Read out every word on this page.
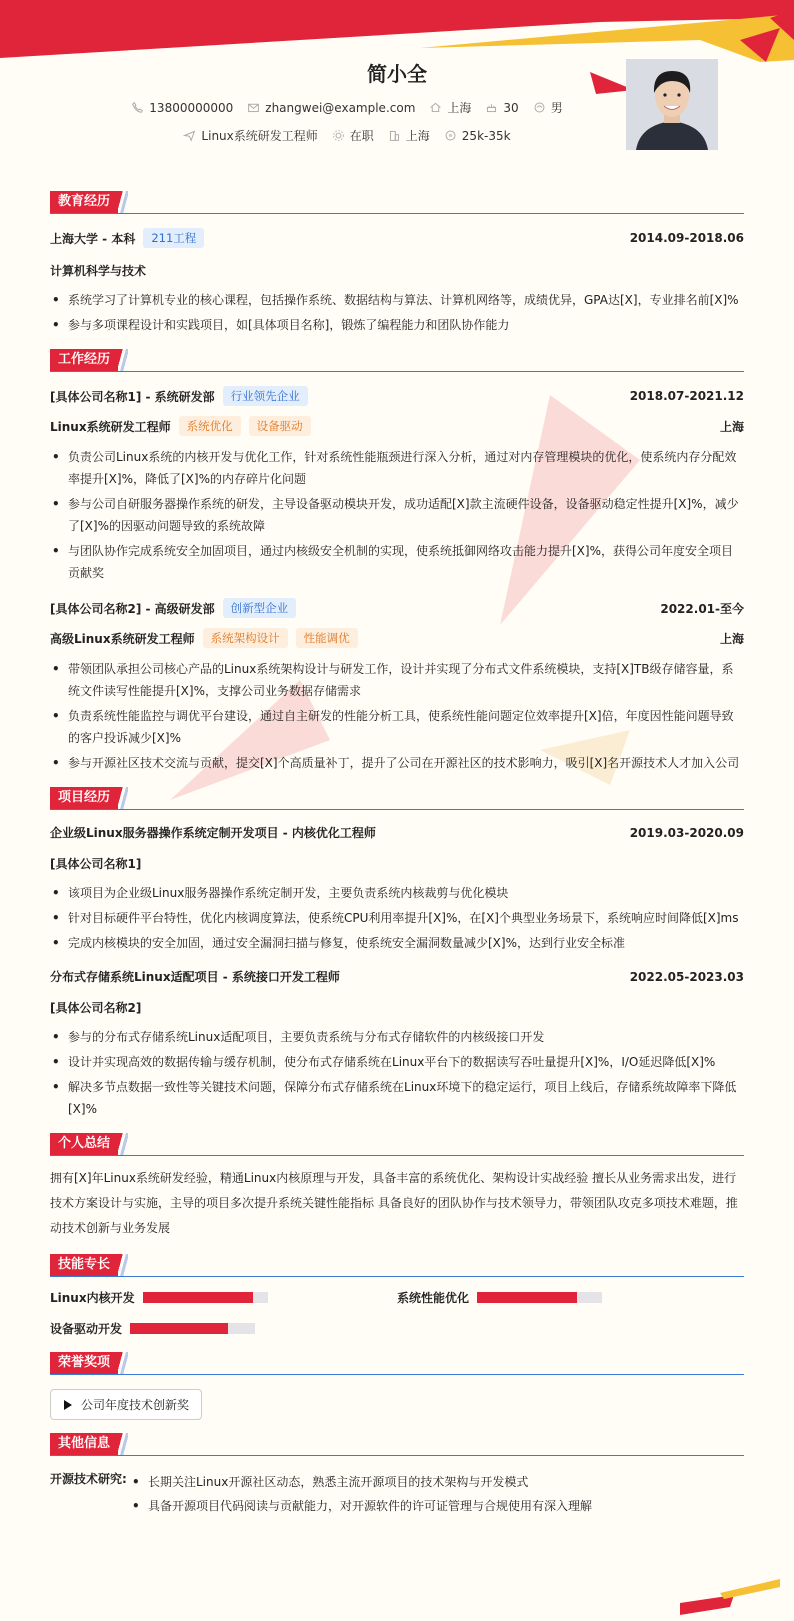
简小全
13800000000	zhangwei@example.com	上海	30	男
Linux系统研发工程师	在职	上海	25k-35k
教育经历
上海大学 - 本科	211工程	2014.09-2018.06
计算机科学与技术
• 系统学习了计算机专业的核心课程，包括操作系统、数据结构与算法、计算机网络等，成绩优异，GPA达[X]，专业排名前[X]%
• 参与多项课程设计和实践项目，如[具体项目名称]，锻炼了编程能力和团队协作能力
工作经历
[具体公司名称1] - 系统研发部	行业领先企业	2018.07-2021.12
Linux系统研发工程师	系统优化	设备驱动	上海
• 负责公司Linux系统的内核开发与优化工作，针对系统性能瓶颈进行深入分析，通过对内存管理模块的优化，使系统内存分配效率提升[X]%，降低了[X]%的内存碎片化问题
• 参与公司自研服务器操作系统的研发，主导设备驱动模块开发，成功适配[X]款主流硬件设备，设备驱动稳定性提升[X]%，减少了[X]%的因驱动问题导致的系统故障
• 与团队协作完成系统安全加固项目，通过内核级安全机制的实现，使系统抵御网络攻击能力提升[X]%，获得公司年度安全项目贡献奖
[具体公司名称2] - 高级研发部	创新型企业	2022.01-至今
高级Linux系统研发工程师	系统架构设计	性能调优	上海
• 带领团队承担公司核心产品的Linux系统架构设计与研发工作，设计并实现了分布式文件系统模块，支持[X]TB级存储容量，系统文件读写性能提升[X]%，支撑公司业务数据存储需求
• 负责系统性能监控与调优平台建设，通过自主研发的性能分析工具，使系统性能问题定位效率提升[X]倍，年度因性能问题导致的客户投诉减少[X]%
• 参与开源社区技术交流与贡献，提交[X]个高质量补丁，提升了公司在开源社区的技术影响力，吸引[X]名开源技术人才加入公司
项目经历
企业级Linux服务器操作系统定制开发项目 - 内核优化工程师	2019.03-2020.09
[具体公司名称1]
• 该项目为企业级Linux服务器操作系统定制开发，主要负责系统内核裁剪与优化模块
• 针对目标硬件平台特性，优化内核调度算法，使系统CPU利用率提升[X]%，在[X]个典型业务场景下，系统响应时间降低[X]ms
• 完成内核模块的安全加固，通过安全漏洞扫描与修复，使系统安全漏洞数量减少[X]%，达到行业安全标准
分布式存储系统Linux适配项目 - 系统接口开发工程师	2022.05-2023.03
[具体公司名称2]
• 参与的分布式存储系统Linux适配项目，主要负责系统与分布式存储软件的内核级接口开发
• 设计并实现高效的数据传输与缓存机制，使分布式存储系统在Linux平台下的数据读写吞吐量提升[X]%，I/O延迟降低[X]%
• 解决多节点数据一致性等关键技术问题，保障分布式存储系统在Linux环境下的稳定运行，项目上线后，存储系统故障率下降低[X]%
个人总结

拥有[X]年Linux系统研发经验，精通Linux内核原理与开发，具备丰富的系统优化、架构设计实战经验 擅长从业务需求出发，进行技术方案设计与实施，主导的项目多次提升系统关键性能指标 具备良好的团队协作与技术领导力，带领团队攻克多项技术难题，推动技术创新与业务发展

技能专长
Linux内核开发	系统性能优化
设备驱动开发
荣誉奖项
公司年度技术创新奖
其他信息
开源技术研究:
•	长期关注Linux开源社区动态，熟悉主流开源项目的技术架构与开发模式
• 具备开源项目代码阅读与贡献能力，对开源软件的许可证管理与合规使用有深入理解
